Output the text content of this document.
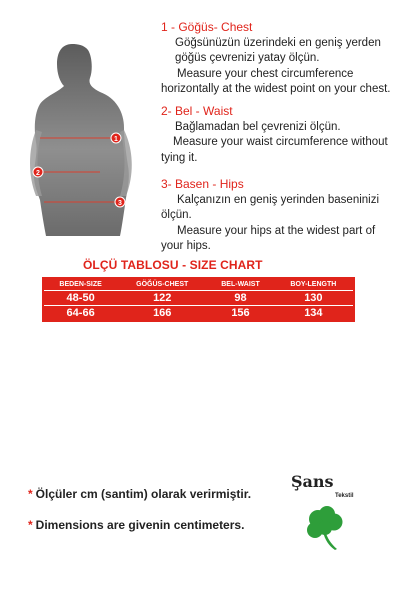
1
2
3

1 - Göğüs- Chest

Göğsünüzün üzerindeki en geniş yerden göğüs çevrenizi yatay ölçün.

Measure your chest circumference horizontally at the widest point on your chest.

2- Bel - Waist

Bağlamadan bel çevrenizi ölçün.

Measure your waist circumference without tying it.

3- Basen - Hips

Kalçanızın en geniş yerinden baseninizi ölçün.

Measure your hips at the widest part of your hips.

ÖLÇÜ TABLOSU - SIZE CHART
BEDEN-SIZE	GÖĞÜS-CHEST	BEL-WAIST	BOY-LENGTH
48-50	122	98	130
64-66	166	156	134
* Ölçüler cm (santim) olarak verirmiştir.
* Dimensions are givenin centimeters.
Şans
Tekstil
